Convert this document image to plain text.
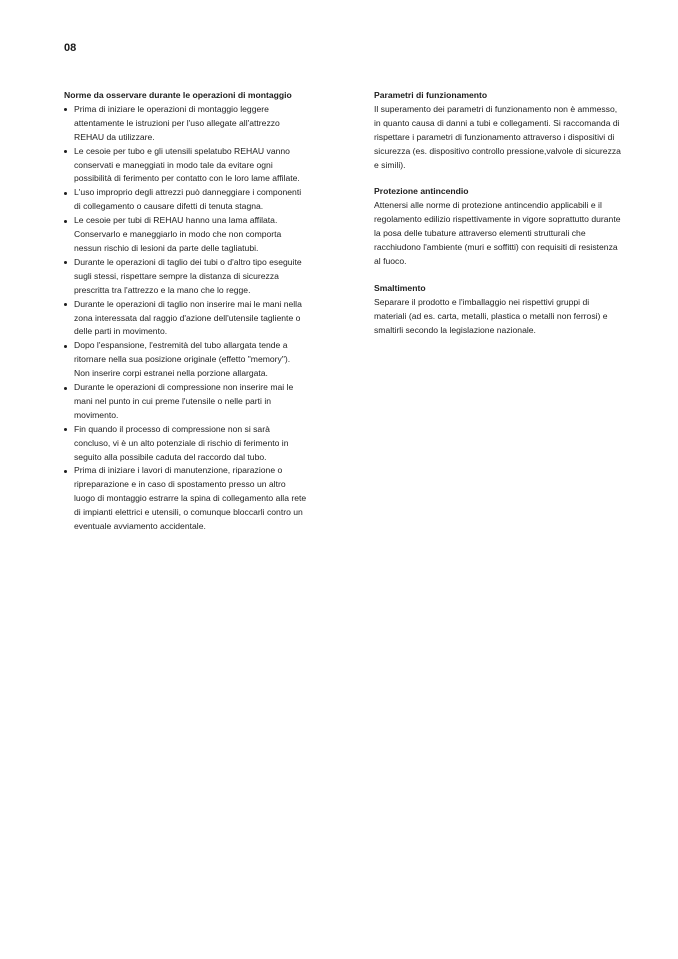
08

Norme da osservare durante le operazioni di montaggio

Prima di iniziare le operazioni di montaggio leggere attentamente le istruzioni per l'uso allegate all'attrezzo REHAU da utilizzare.
Le cesoie per tubo e gli utensili spelatubo REHAU vanno conservati e maneggiati in modo tale da evitare ogni possibilità di ferimento per contatto con le loro lame affilate.
L'uso improprio degli attrezzi può danneggiare i componenti di collegamento o causare difetti di tenuta stagna.
Le cesoie per tubi di REHAU hanno una lama affilata. Conservarlo e maneggiarlo in modo che non comporta nessun rischio di lesioni da parte delle tagliatubi.
Durante le operazioni di taglio dei tubi o d'altro tipo eseguite sugli stessi, rispettare sempre la distanza di sicurezza prescritta tra l'attrezzo e la mano che lo regge.
Durante le operazioni di taglio non inserire mai le mani nella zona interessata dal raggio d'azione dell'utensile tagliente o delle parti in movimento.
Dopo l'espansione, l'estremità del tubo allargata tende a ritornare nella sua posizione originale (effetto "memory"). Non inserire corpi estranei nella porzione allargata.
Durante le operazioni di compressione non inserire mai le mani nel punto in cui preme l'utensile o nelle parti in movimento.
Fin quando il processo di compressione non si sarà concluso, vi è un alto potenziale di rischio di ferimento in seguito alla possibile caduta del raccordo dal tubo.
Prima di iniziare i lavori di manutenzione, riparazione o ripreparazione e in caso di spostamento presso un altro luogo di montaggio estrarre la spina di collegamento alla rete di impianti elettrici e utensili, o comunque bloccarli contro un eventuale avviamento accidentale.

Parametri di funzionamento

Il superamento dei parametri di funzionamento non è ammesso, in quanto causa di danni a tubi e collegamenti. Si raccomanda di rispettare i parametri di funzionamento attraverso i dispositivi di sicurezza (es. dispositivo controllo pressione,valvole di sicurezza e simili).

Protezione antincendio

Attenersi alle norme di protezione antincendio applicabili e il regolamento edilizio rispettivamente in vigore soprattutto durante la posa delle tubature attraverso elementi strutturali che racchiudono l'ambiente (muri e soffitti) con requisiti di resistenza al fuoco.

Smaltimento

Separare il prodotto e l'imballaggio nei rispettivi gruppi di materiali (ad es. carta, metalli, plastica o metalli non ferrosi) e smaltirli secondo la legislazione nazionale.
